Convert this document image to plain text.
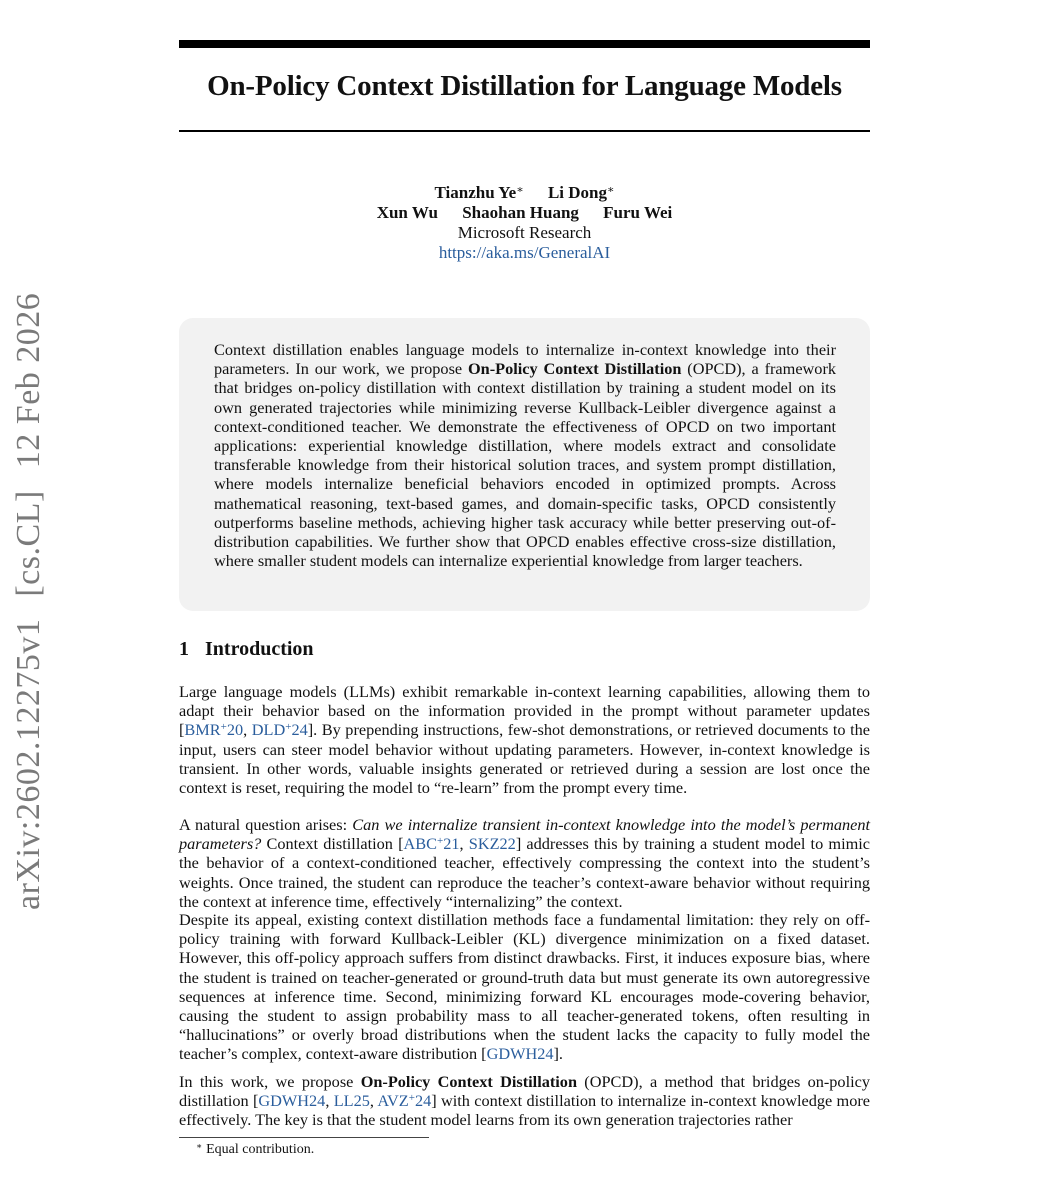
On-Policy Context Distillation for Language Models
Tianzhu Ye∗ Li Dong∗
Xun Wu Shaohan Huang Furu Wei
Microsoft Research
https://aka.ms/GeneralAI
arXiv:2602.12275v1[cs.CL]12 Feb 2026	Context distillation enables language models to internalize in-context knowledge into their parameters. In our work, we propose On-Policy Context Distillation (OPCD), a framework that bridges on-policy distillation with context distillation by training a student model on its own generated trajectories while minimizing reverse Kullback-Leibler divergence against a context-conditioned teacher. We demonstrate the effectiveness of OPCD on two important applications: experiential knowledge distillation, where models extract and consolidate transferable knowledge from their historical solution traces, and system prompt distillation, where models internalize beneficial behaviors encoded in optimized prompts. Across mathematical reasoning, text-based games, and domain-specific tasks, OPCD consistently outperforms baseline methods, achieving higher task accuracy while better preserving out-of-distribution capabilities. We further show that OPCD enables effective cross-size distillation, where smaller student models can internalize experiential knowledge from larger teachers.

1 Introduction

Large language models (LLMs) exhibit remarkable in-context learning capabilities, allowing them to adapt their behavior based on the information provided in the prompt without parameter updates [BMR+20, DLD+24]. By prepending instructions, few-shot demonstrations, or retrieved documents to the input, users can steer model behavior without updating parameters. However, in-context knowledge is transient. In other words, valuable insights generated or retrieved during a session are lost once the context is reset, requiring the model to “re-learn” from the prompt every time.

A natural question arises: Can we internalize transient in-context knowledge into the model’s permanent parameters? Context distillation [ABC+21, SKZ22] addresses this by training a student model to mimic the behavior of a context-conditioned teacher, effectively compressing the context into the student’s weights. Once trained, the student can reproduce the teacher’s context-aware behavior without requiring the context at inference time, effectively “internalizing” the context.

Despite its appeal, existing context distillation methods face a fundamental limitation: they rely on off-policy training with forward Kullback-Leibler (KL) divergence minimization on a fixed dataset. However, this off-policy approach suffers from distinct drawbacks. First, it induces exposure bias, where the student is trained on teacher-generated or ground-truth data but must generate its own autoregressive sequences at inference time. Second, minimizing forward KL encourages mode-covering behavior, causing the student to assign probability mass to all teacher-generated tokens, often resulting in “hallucinations” or overly broad distributions when the student lacks the capacity to fully model the teacher’s complex, context-aware distribution [GDWH24].

In this work, we propose On-Policy Context Distillation (OPCD), a method that bridges on-policy distillation [GDWH24, LL25, AVZ+24] with context distillation to internalize in-context knowledge more effectively. The key is that the student model learns from its own generation trajectories rather

∗ Equal contribution.
